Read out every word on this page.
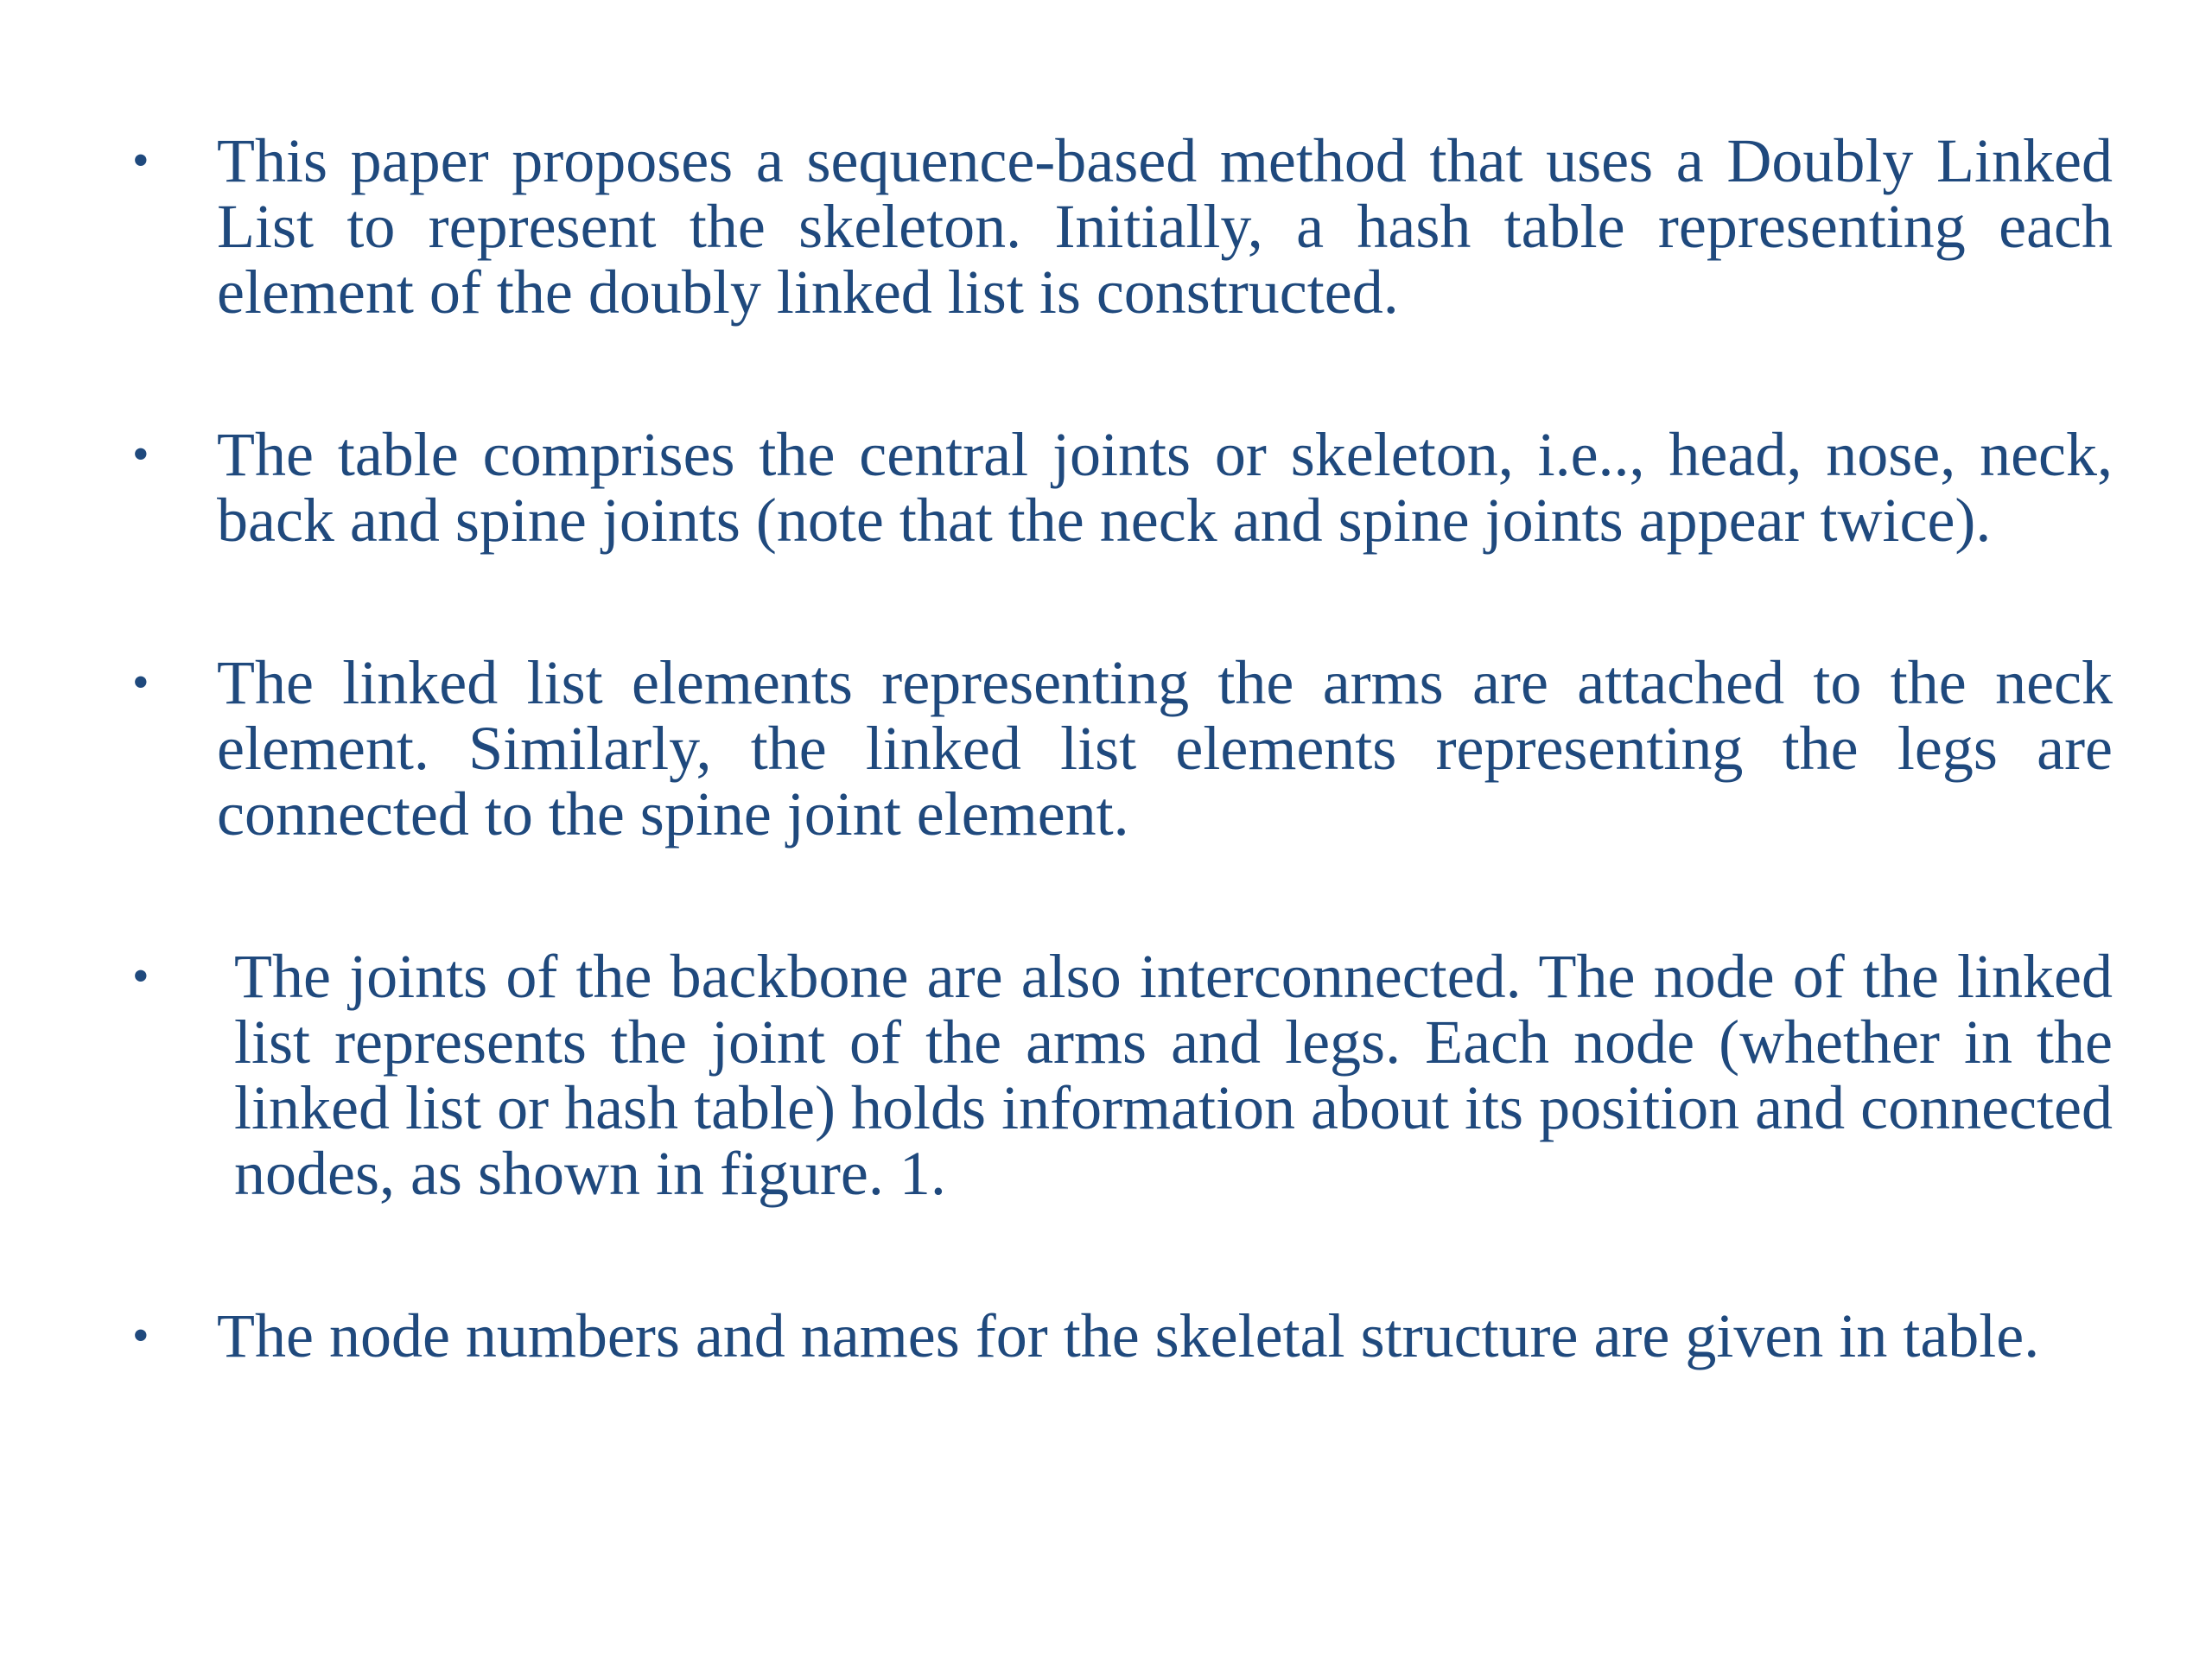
• This paper proposes a sequence-based method that uses a Doubly Linked List to represent the skeleton. Initially, a hash table representing each element of the doubly linked list is constructed.
• The table comprises the central joints or skeleton, i.e.., head, nose, neck, back and spine joints (note that the neck and spine joints appear twice).
• The linked list elements representing the arms are attached to the neck element. Similarly, the linked list elements representing the legs are connected to the spine joint element.
• The joints of the backbone are also interconnected. The node of the linked list represents the joint of the arms and legs. Each node (whether in the linked list or hash table) holds information about its position and connected nodes, as shown in figure. 1.
• The node numbers and names for the skeletal structure are given in table.
